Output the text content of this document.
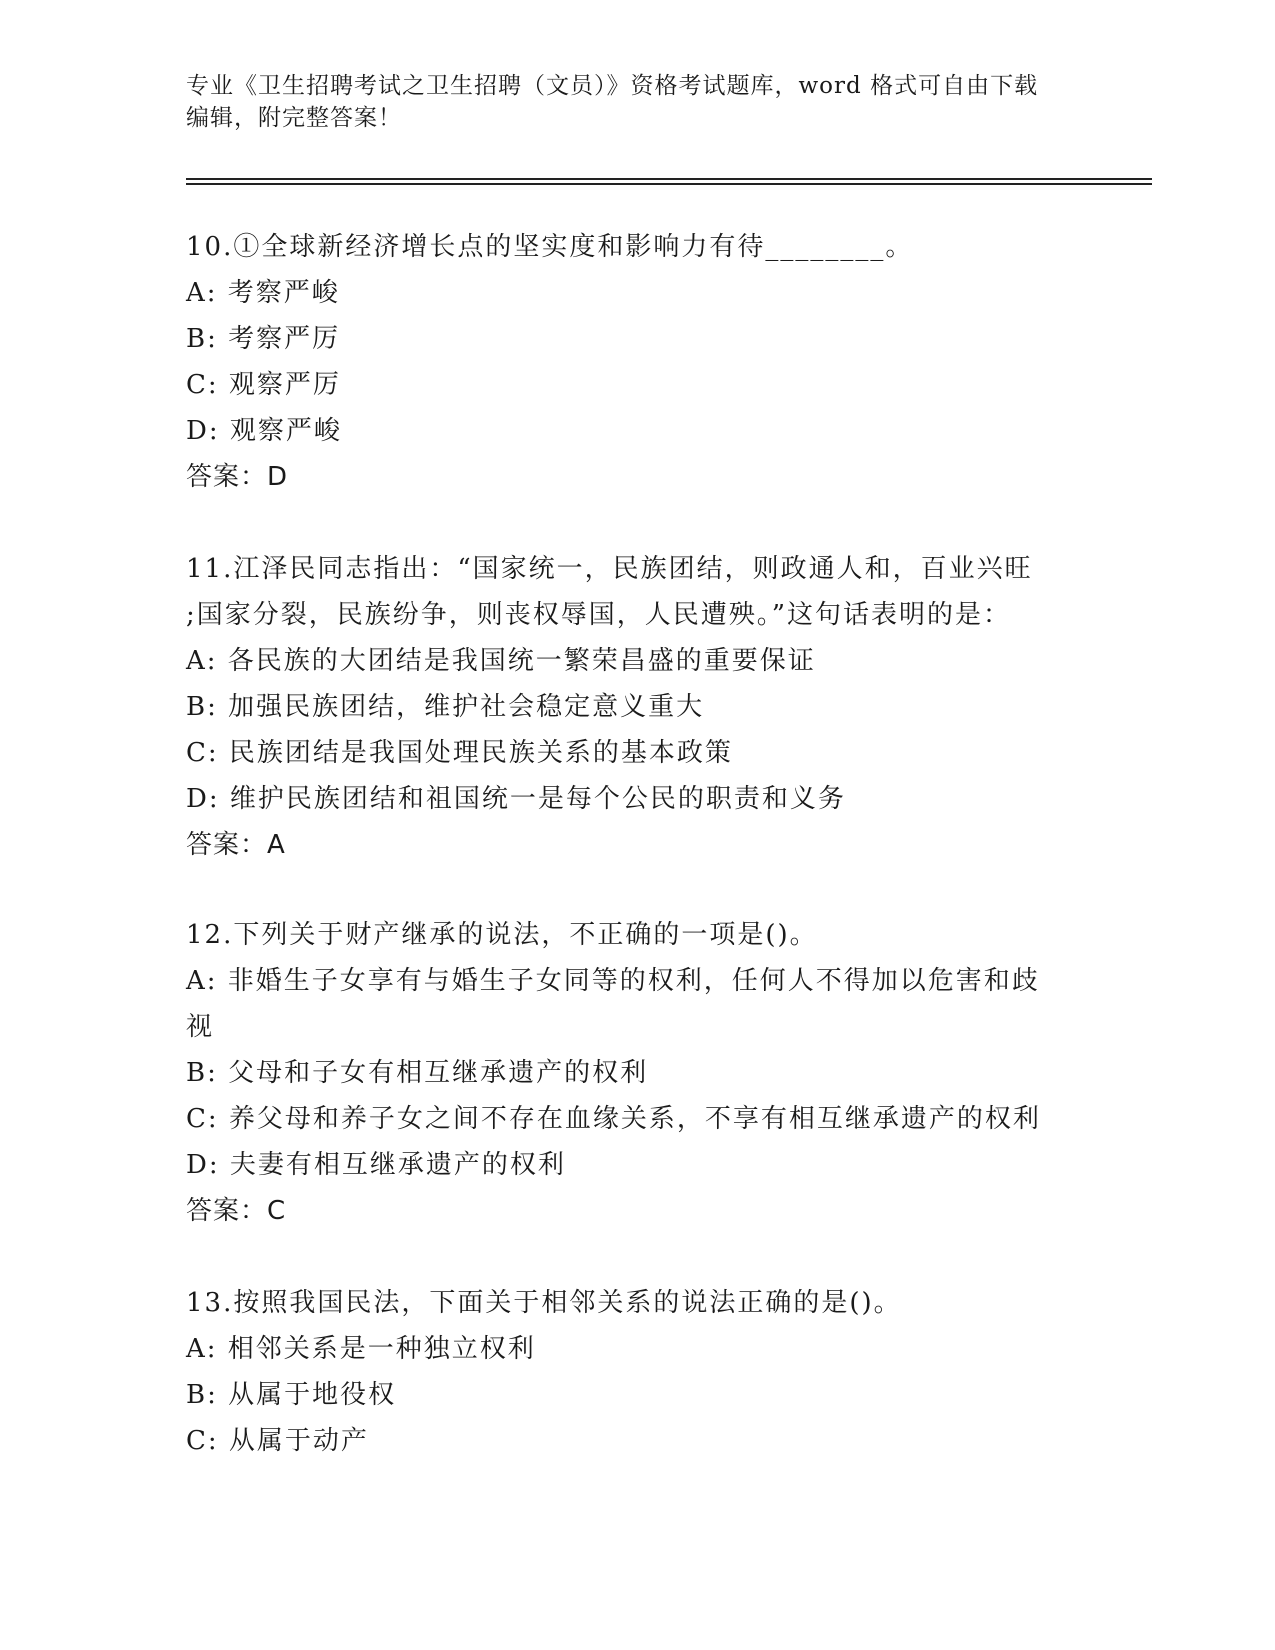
专业《卫生招聘考试之卫生招聘（文员）》资格考试题库，word 格式可自由下载
编辑，附完整答案！
10.①全球新经济增长点的坚实度和影响力有待________。
A: 考察严峻
B: 考察严厉
C: 观察严厉
D: 观察严峻
答案：D
11.江泽民同志指出：“国家统一，民族团结，则政通人和，百业兴旺
;国家分裂，民族纷争，则丧权辱国，人民遭殃。”这句话表明的是：
A: 各民族的大团结是我国统一繁荣昌盛的重要保证
B: 加强民族团结，维护社会稳定意义重大
C: 民族团结是我国处理民族关系的基本政策
D: 维护民族团结和祖国统一是每个公民的职责和义务
答案：A
12.下列关于财产继承的说法，不正确的一项是()。
A: 非婚生子女享有与婚生子女同等的权利，任何人不得加以危害和歧
视
B: 父母和子女有相互继承遗产的权利
C: 养父母和养子女之间不存在血缘关系，不享有相互继承遗产的权利
D: 夫妻有相互继承遗产的权利
答案：C
13.按照我国民法，下面关于相邻关系的说法正确的是()。
A: 相邻关系是一种独立权利
B: 从属于地役权
C: 从属于动产
